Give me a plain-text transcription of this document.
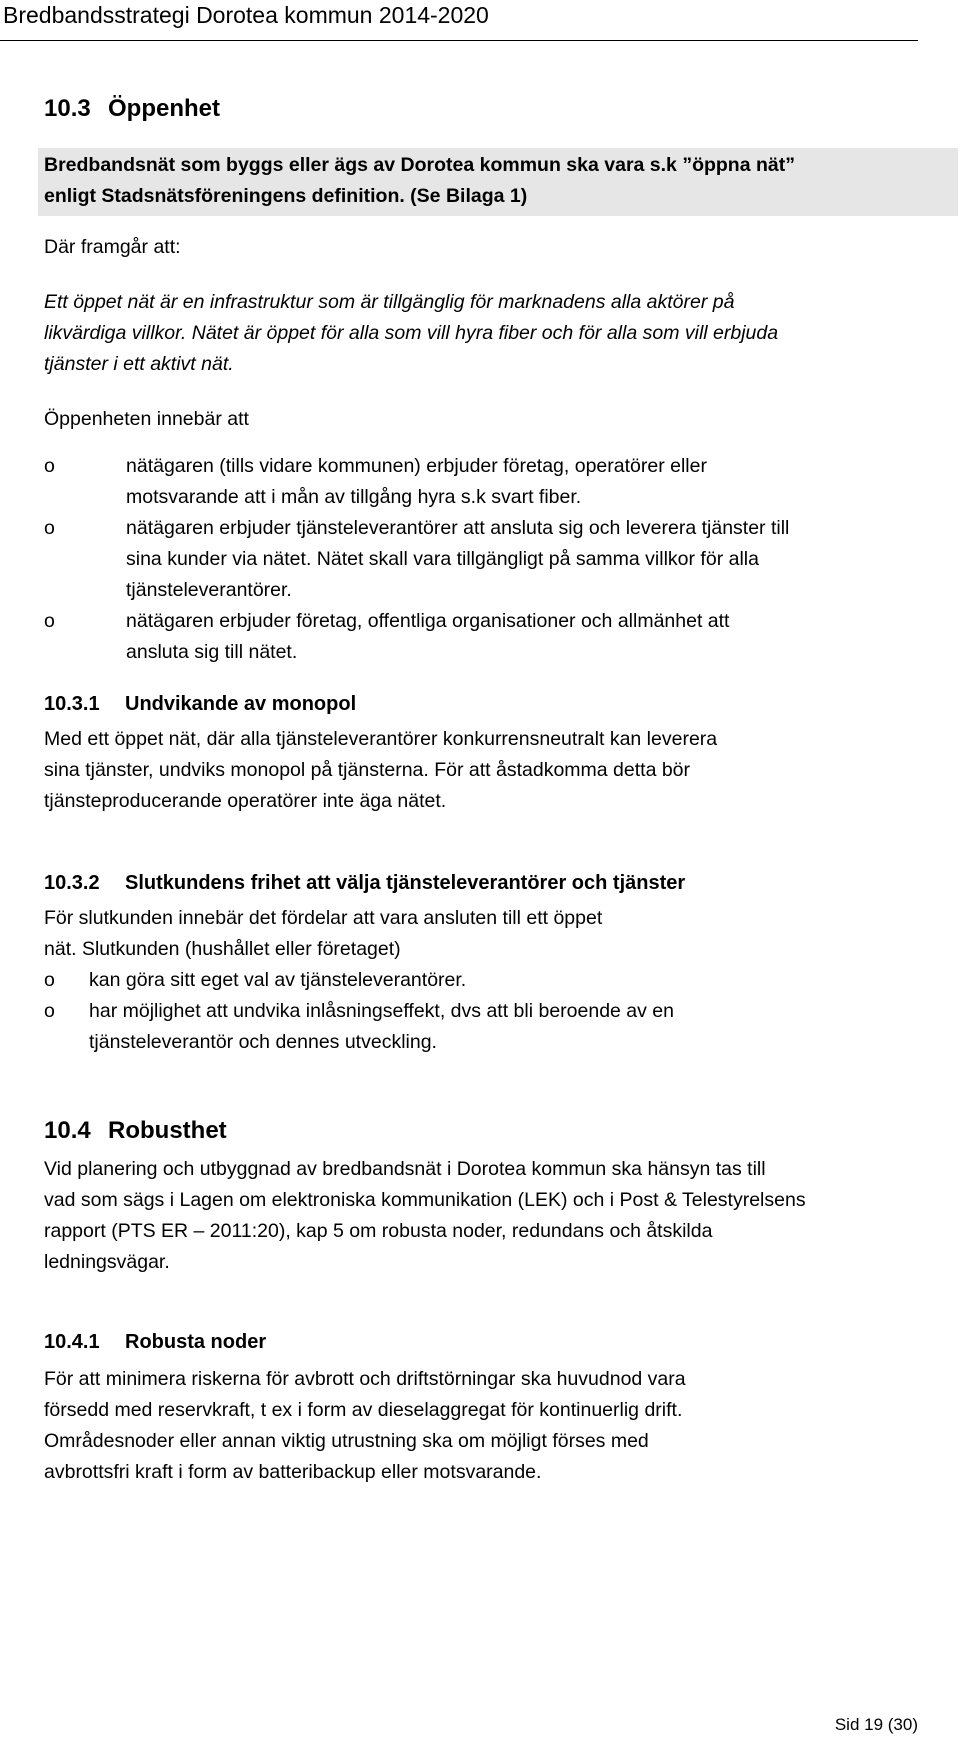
Bredbandsstrategi Dorotea kommun 2014-2020
10.3 Öppenhet
Bredbandsnät som byggs eller ägs av Dorotea kommun ska vara s.k ”öppna nät”
enligt Stadsnätsföreningens definition. (Se Bilaga 1)

Där framgår att:

Ett öppet nät är en infrastruktur som är tillgänglig för marknadens alla aktörer på
likvärdiga villkor. Nätet är öppet för alla som vill hyra fiber och för alla som vill erbjuda
tjänster i ett aktivt nät.

Öppenheten innebär att

o	nätägaren (tills vidare kommunen) erbjuder företag, operatörer eller
motsvarande att i mån av tillgång hyra s.k svart fiber.
o	nätägaren erbjuder tjänsteleverantörer att ansluta sig och leverera tjänster till
sina kunder via nätet. Nätet skall vara tillgängligt på samma villkor för alla
tjänsteleverantörer.
o	nätägaren erbjuder företag, offentliga organisationer och allmänhet att
ansluta sig till nätet.
10.3.1 Undvikande av monopol
Med ett öppet nät, där alla tjänsteleverantörer konkurrensneutralt kan leverera
sina tjänster, undviks monopol på tjänsterna. För att åstadkomma detta bör
tjänsteproducerande operatörer inte äga nätet.
10.3.2 Slutkundens frihet att välja tjänsteleverantörer och tjänster
För slutkunden innebär det fördelar att vara ansluten till ett öppet
nät. Slutkunden (hushållet eller företaget)
o kan göra sitt eget val av tjänsteleverantörer.
o har möjlighet att undvika inlåsningseffekt, dvs att bli beroende av en
tjänsteleverantör och dennes utveckling.
10.4 Robusthet
Vid planering och utbyggnad av bredbandsnät i Dorotea kommun ska hänsyn tas till
vad som sägs i Lagen om elektroniska kommunikation (LEK) och i Post & Telestyrelsens
rapport (PTS ER – 2011:20), kap 5 om robusta noder, redundans och åtskilda
ledningsvägar.
10.4.1 Robusta noder
För att minimera riskerna för avbrott och driftstörningar ska huvudnod vara
försedd med reservkraft, t ex i form av dieselaggregat för kontinuerlig drift.
Områdesnoder eller annan viktig utrustning ska om möjligt förses med
avbrottsfri kraft i form av batteribackup eller motsvarande.
Sid 19 (30)
